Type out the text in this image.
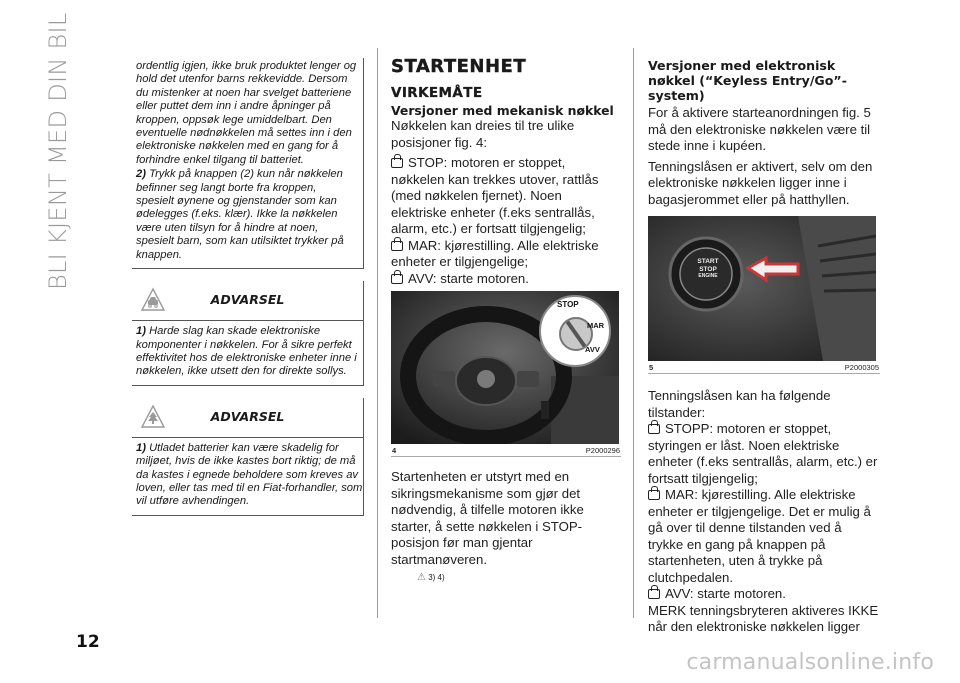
BLI KJENT MED DIN BIL
12
carmanualsonline.info
ordentlig igjen, ikke bruk produktet lenger og hold det utenfor barns rekkevidde. Dersom du mistenker at noen har svelget batteriene eller puttet dem inn i andre åpninger på kroppen, oppsøk lege umiddelbart. Den eventuelle nødnøkkelen må settes inn i den elektroniske nøkkelen med en gang for å forhindre enkel tilgang til batteriet.
2) Trykk på knappen (2) kun når nøkkelen befinner seg langt borte fra kroppen, spesielt øynene og gjenstander som kan ødelegges (f.eks. klær). Ikke la nøkkelen være uten tilsyn for å hindre at noen, spesielt barn, som kan utilsiktet trykker på knappen.
ADVARSEL
1) Harde slag kan skade elektroniske komponenter i nøkkelen. For å sikre perfekt effektivitet hos de elektroniske enheter inne i nøkkelen, ikke utsett den for direkte sollys.
ADVARSEL
1) Utladet batterier kan være skadelig for miljøet, hvis de ikke kastes bort riktig; de må da kastes i egnede beholdere som kreves av loven, eller tas med til en Fiat-forhandler, som vil utføre avhendingen.
STARTENHET
VIRKEMÅTE
Versjoner med mekanisk nøkkel
Nøkkelen kan dreies til tre ulike posisjoner fig. 4:
STOP: motoren er stoppet, nøkkelen kan trekkes utover, rattlås (med nøkkelen fjernet). Noen elektriske enheter (f.eks sentrallås, alarm, etc.) er fortsatt tilgjengelig;
MAR: kjørestilling. Alle elektriske enheter er tilgjengelige;
AVV: starte motoren.
STOP
MAR
AVV
4	P2000296
Startenheten er utstyrt med en sikringsmekanisme som gjør det nødvendig, å tilfelle motoren ikke starter, å sette nøkkelen i STOP-posisjon før man gjentar startmanøveren.
⚠ 3) 4)
Versjoner med elektronisk nøkkel (“Keyless Entry/Go”-system)
For å aktivere starteanordningen fig. 5 må den elektroniske nøkkelen være til stede inne i kupéen.
Tenningslåsen er aktivert, selv om den elektroniske nøkkelen ligger inne i bagasjerommet eller på hatthyllen.
START
STOP
ENGINE
5	P2000305
Tenningslåsen kan ha følgende tilstander:
STOPP: motoren er stoppet, styringen er låst. Noen elektriske enheter (f.eks sentrallås, alarm, etc.) er fortsatt tilgjengelig;
MAR: kjørestilling. Alle elektriske enheter er tilgjengelige. Det er mulig å gå over til denne tilstanden ved å trykke en gang på knappen på startenheten, uten å trykke på clutchpedalen.
AVV: starte motoren.
MERK tenningsbryteren aktiveres IKKE når den elektroniske nøkkelen ligger
